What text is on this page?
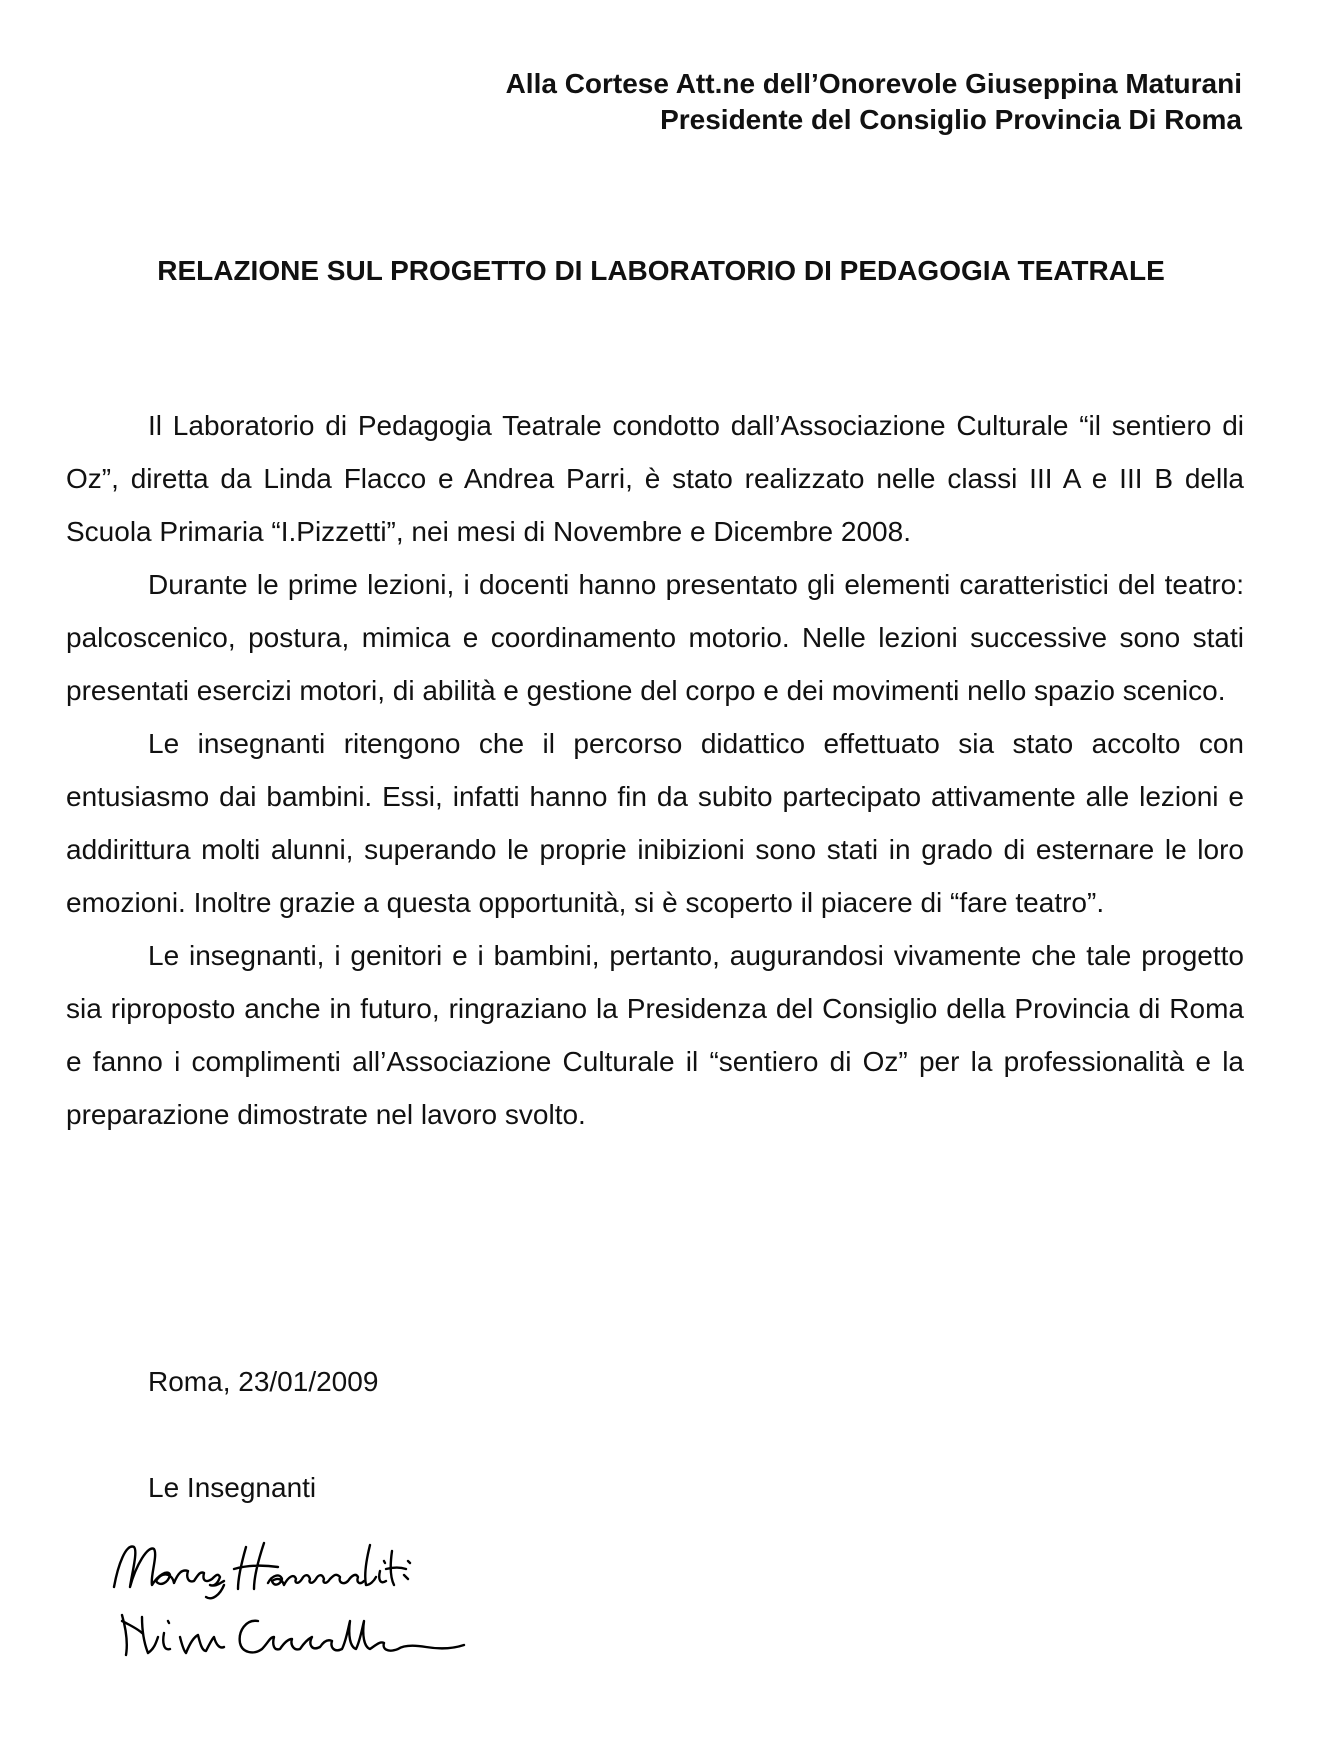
Alla Cortese Att.ne dell’Onorevole Giuseppina Maturani
Presidente del Consiglio Provincia Di Roma
RELAZIONE SUL PROGETTO DI LABORATORIO DI PEDAGOGIA TEATRALE

Il Laboratorio di Pedagogia Teatrale condotto dall’Associazione Culturale “il sentiero di Oz”, diretta da Linda Flacco e Andrea Parri, è stato realizzato nelle classi III A e III B della Scuola Primaria “I.Pizzetti”, nei mesi di Novembre e Dicembre 2008.

Durante le prime lezioni, i docenti hanno presentato gli elementi caratteristici del teatro: palcoscenico, postura, mimica e coordinamento motorio. Nelle lezioni successive sono stati presentati esercizi motori, di abilità e gestione del corpo e dei movimenti nello spazio scenico.

Le insegnanti ritengono che il percorso didattico effettuato sia stato accolto con entusiasmo dai bambini. Essi, infatti hanno fin da subito partecipato attivamente alle lezioni e addirittura molti alunni, superando le proprie inibizioni sono stati in grado di esternare le loro emozioni. Inoltre grazie a questa opportunità, si è scoperto il piacere di “fare teatro”.

Le insegnanti, i genitori e i bambini, pertanto, augurandosi vivamente che tale progetto sia riproposto anche in futuro, ringraziano la Presidenza del Consiglio della Provincia di Roma e fanno i complimenti all’Associazione Culturale il “sentiero di Oz” per la professionalità e la preparazione dimostrate nel lavoro svolto.

Roma, 23/01/2009
Le Insegnanti
